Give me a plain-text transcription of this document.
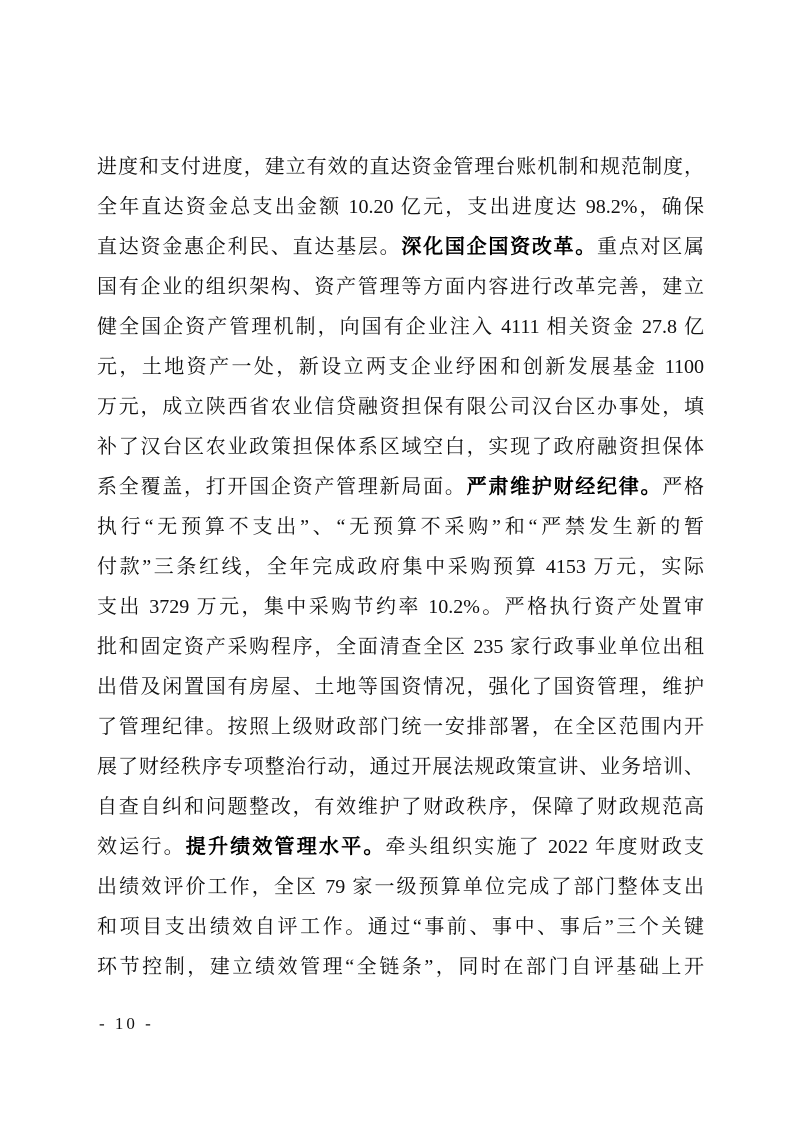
进度和支付进度，建立有效的直达资金管理台账机制和规范制度，
全年直达资金总支出金额 10.20 亿元，支出进度达 98.2%，确保
直达资金惠企利民、直达基层。深化国企国资改革。重点对区属
国有企业的组织架构、资产管理等方面内容进行改革完善，建立
健全国企资产管理机制，向国有企业注入 4111 相关资金 27.8 亿
元，土地资产一处，新设立两支企业纾困和创新发展基金 1100
万元，成立陕西省农业信贷融资担保有限公司汉台区办事处，填
补了汉台区农业政策担保体系区域空白，实现了政府融资担保体
系全覆盖，打开国企资产管理新局面。严肃维护财经纪律。严格
执行“无预算不支出”、“无预算不采购”和“严禁发生新的暂
付款”三条红线，全年完成政府集中采购预算 4153 万元，实际
支出 3729 万元，集中采购节约率 10.2%。严格执行资产处置审
批和固定资产采购程序，全面清查全区 235 家行政事业单位出租
出借及闲置国有房屋、土地等国资情况，强化了国资管理，维护
了管理纪律。按照上级财政部门统一安排部署，在全区范围内开
展了财经秩序专项整治行动，通过开展法规政策宣讲、业务培训、
自查自纠和问题整改，有效维护了财政秩序，保障了财政规范高
效运行。提升绩效管理水平。牵头组织实施了 2022 年度财政支
出绩效评价工作，全区 79 家一级预算单位完成了部门整体支出
和项目支出绩效自评工作。通过“事前、事中、事后”三个关键
环节控制，建立绩效管理“全链条”，同时在部门自评基础上开
- 10 -
